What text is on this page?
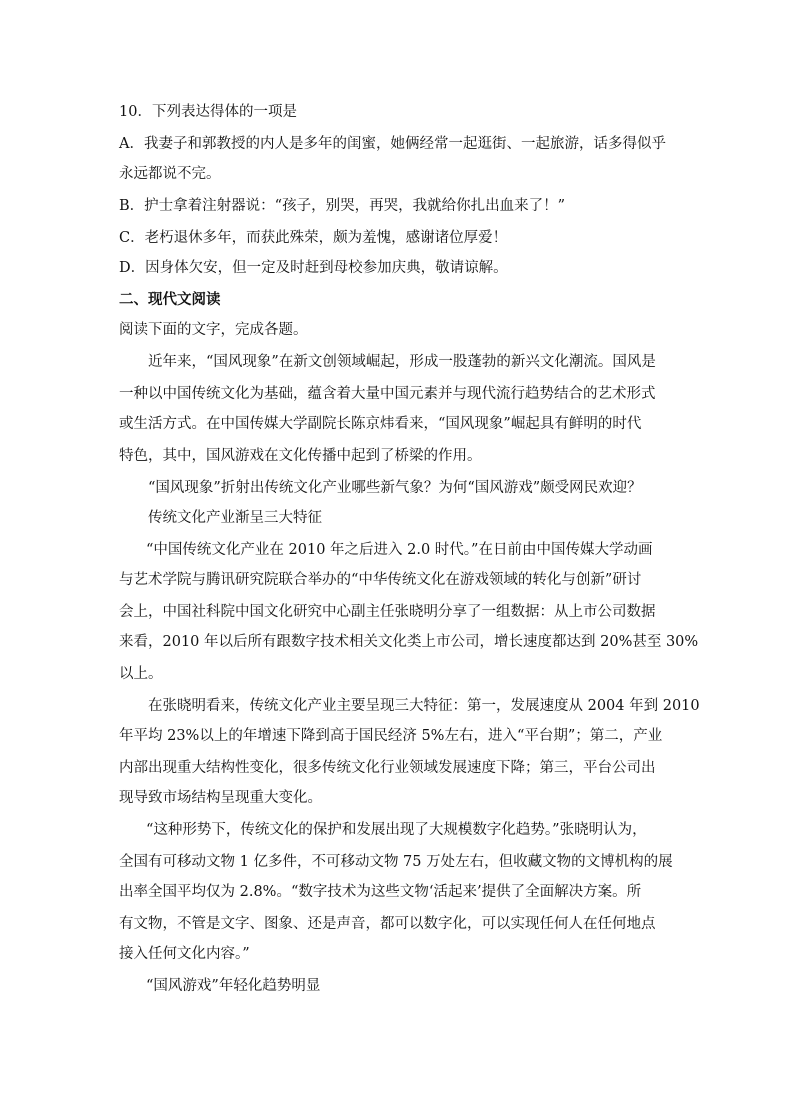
10．下列表达得体的一项是
A．我妻子和郭教授的内人是多年的闺蜜，她俩经常一起逛街、一起旅游，话多得似乎
永远都说不完。
B．护士拿着注射器说：“孩子，别哭，再哭，我就给你扎出血来了！”
C．老朽退休多年，而获此殊荣，颇为羞愧，感谢诸位厚爱！
D．因身体欠安，但一定及时赶到母校参加庆典，敬请谅解。
二、现代文阅读
阅读下面的文字，完成各题。
近年来，“国风现象”在新文创领域崛起，形成一股蓬勃的新兴文化潮流。国风是
一种以中国传统文化为基础，蕴含着大量中国元素并与现代流行趋势结合的艺术形式
或生活方式。在中国传媒大学副院长陈京炜看来，“国风现象”崛起具有鲜明的时代
特色，其中，国风游戏在文化传播中起到了桥梁的作用。
“国风现象”折射出传统文化产业哪些新气象？为何“国风游戏”颇受网民欢迎？
传统文化产业渐呈三大特征
“中国传统文化产业在 2010 年之后进入 2.0 时代。”在日前由中国传媒大学动画
与艺术学院与腾讯研究院联合举办的“中华传统文化在游戏领域的转化与创新”研讨
会上，中国社科院中国文化研究中心副主任张晓明分享了一组数据：从上市公司数据
来看，2010 年以后所有跟数字技术相关文化类上市公司，增长速度都达到 20%甚至 30%
以上。
在张晓明看来，传统文化产业主要呈现三大特征：第一，发展速度从 2004 年到 2010
年平均 23%以上的年增速下降到高于国民经济 5%左右，进入“平台期”；第二，产业
内部出现重大结构性变化，很多传统文化行业领域发展速度下降；第三，平台公司出
现导致市场结构呈现重大变化。
“这种形势下，传统文化的保护和发展出现了大规模数字化趋势。”张晓明认为，
全国有可移动文物 1 亿多件，不可移动文物 75 万处左右，但收藏文物的文博机构的展
出率全国平均仅为 2.8%。“数字技术为这些文物‘活起来’提供了全面解决方案。所
有文物，不管是文字、图象、还是声音，都可以数字化，可以实现任何人在任何地点
接入任何文化内容。”
“国风游戏”年轻化趋势明显
